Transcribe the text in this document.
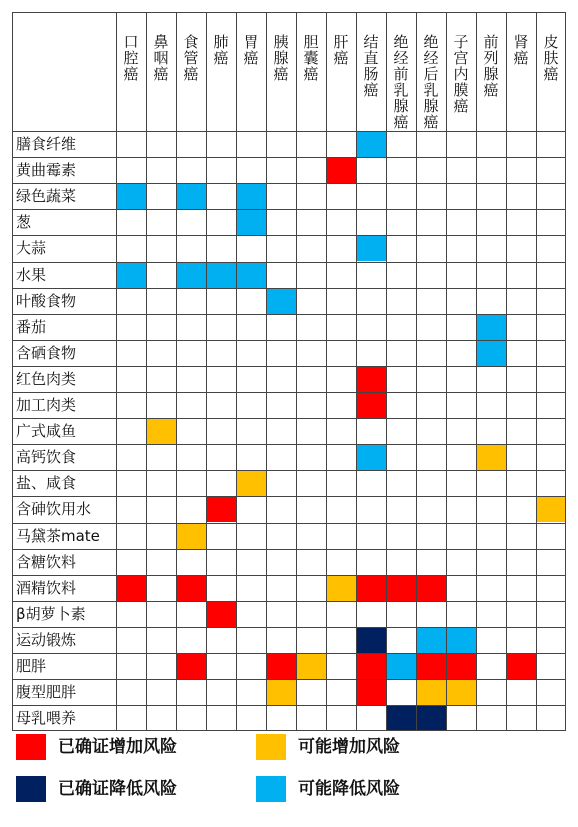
口
腔
癌
鼻
咽
癌
食
管
癌
肺
癌
胃
癌
胰
腺
癌
胆
囊
癌
肝
癌
结
直
肠
癌
绝
经
前
乳
腺
癌
绝
经
后
乳
腺
癌
子
宫
内
膜
癌
前
列
腺
癌
肾
癌
皮
肤
癌
膳食纤维
黄曲霉素
绿色蔬菜
葱
大蒜
水果
叶酸食物
番茄
含硒食物
红色肉类
加工肉类
广式咸鱼
高钙饮食
盐、咸食
含砷饮用水
马黛茶mate
含糖饮料
酒精饮料
β胡萝卜素
运动锻炼
肥胖
腹型肥胖
母乳喂养
已确证增加风险	可能增加风险
已确证降低风险	可能降低风险
